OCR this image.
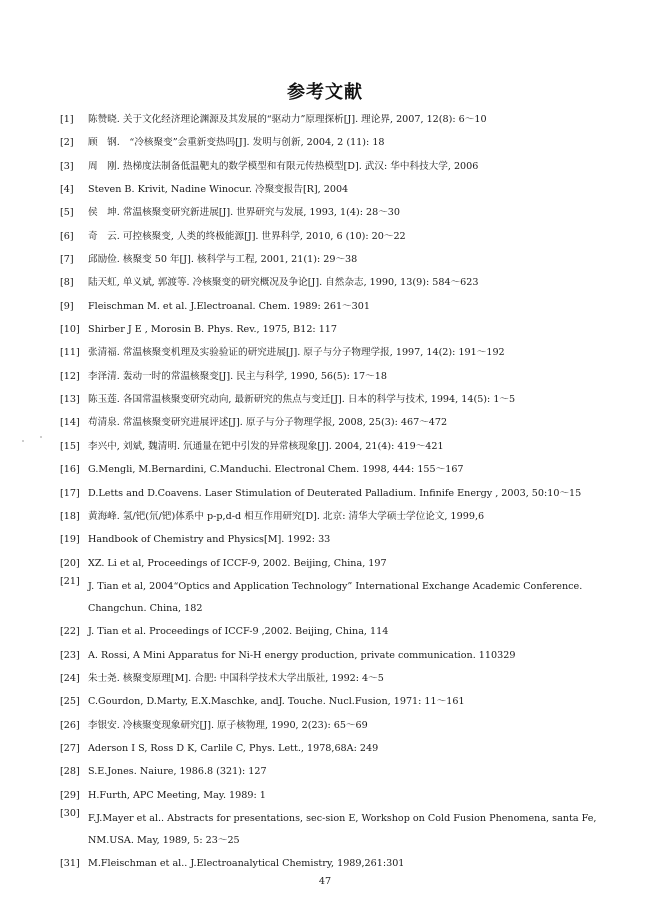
参考文献
[1] 陈赞晓. 关于文化经济理论渊源及其发展的“驱动力”原理探析[J]. 理论界, 2007, 12(8): 6～10
[2] 顾　钢.　“冷核聚变”会重新变热吗[J]. 发明与创新, 2004, 2 (11): 18
[3] 周　刚. 热梯度法制备低温靶丸的数学模型和有限元传热模型[D]. 武汉: 华中科技大学, 2006
[4] Steven B. Krivit, Nadine Winocur. 冷聚变报告[R], 2004
[5] 侯　坤. 常温核聚变研究新进展[J]. 世界研究与发展, 1993, 1(4): 28～30
[6] 奇　云. 可控核聚变, 人类的终极能源[J]. 世界科学, 2010, 6 (10): 20～22
[7] 邱励俭. 核聚变 50 年[J]. 核科学与工程, 2001, 21(1): 29～38
[8] 陆天虹, 单义斌, 郭渡等. 冷核聚变的研究概况及争论[J]. 自然杂志, 1990, 13(9): 584～623
[9] Fleischman M. et al. J.Electroanal. Chem. 1989: 261～301
[10] Shirber J E , Morosin B. Phys. Rev., 1975, B12: 117
[11] 张清福. 常温核聚变机理及实验验证的研究进展[J]. 原子与分子物理学报, 1997, 14(2): 191～192
[12] 李泽清. 轰动一时的常温核聚变[J]. 民主与科学, 1990, 56(5): 17～18
[13] 陈玉莲. 各国常温核聚变研究动向, 最新研究的焦点与变迁[J]. 日本的科学与技术, 1994, 14(5): 1～5
[14] 苟清泉. 常温核聚变研究进展评述[J]. 原子与分子物理学报, 2008, 25(3): 467～472
[15] 李兴中, 刘斌, 魏清明. 氘通量在钯中引发的异常核现象[J]. 2004, 21(4): 419～421
[16] G.Mengli, M.Bernardini, C.Manduchi. Electronal Chem. 1998, 444: 155～167
[17] D.Letts and D.Coavens. Laser Stimulation of Deuterated Palladium. Infinife Energy , 2003, 50:10～15
[18] 黄海峰. 氢/钯(氘/钯)体系中 p-p,d-d 相互作用研究[D]. 北京: 清华大学硕士学位论文, 1999,6
[19] Handbook of Chemistry and Physics[M]. 1992: 33
[20] XZ. Li et al, Proceedings of ICCF-9, 2002. Beijing, China, 197
[21] J. Tian et al, 2004“Optics and Application Technology” International Exchange Academic Conference. Changchun. China, 182
[22] J. Tian et al. Proceedings of ICCF-9 ,2002. Beijing, China, 114
[23] A. Rossi, A Mini Apparatus for Ni-H energy production, private communication. 110329
[24] 朱士尧. 核聚变原理[M]. 合肥: 中国科学技术大学出版社, 1992: 4～5
[25] C.Gourdon, D.Marty, E.X.Maschke, andJ. Touche. Nucl.Fusion, 1971: 11～161
[26] 李银安. 冷核聚变现象研究[J]. 原子核物理, 1990, 2(23): 65～69
[27] Aderson I S, Ross D K, Carlile C, Phys. Lett., 1978,68A: 249
[28] S.E.Jones. Naiure, 1986.8 (321): 127
[29] H.Furth, APC Meeting, May. 1989: 1
[30] F.J.Mayer et al.. Abstracts for presentations, sec-sion E, Workshop on Cold Fusion Phenomena, santa Fe, NM.USA. May, 1989, 5: 23～25
[31] M.Fleischman et al.. J.Electroanalytical Chemistry, 1989,261:301
47
